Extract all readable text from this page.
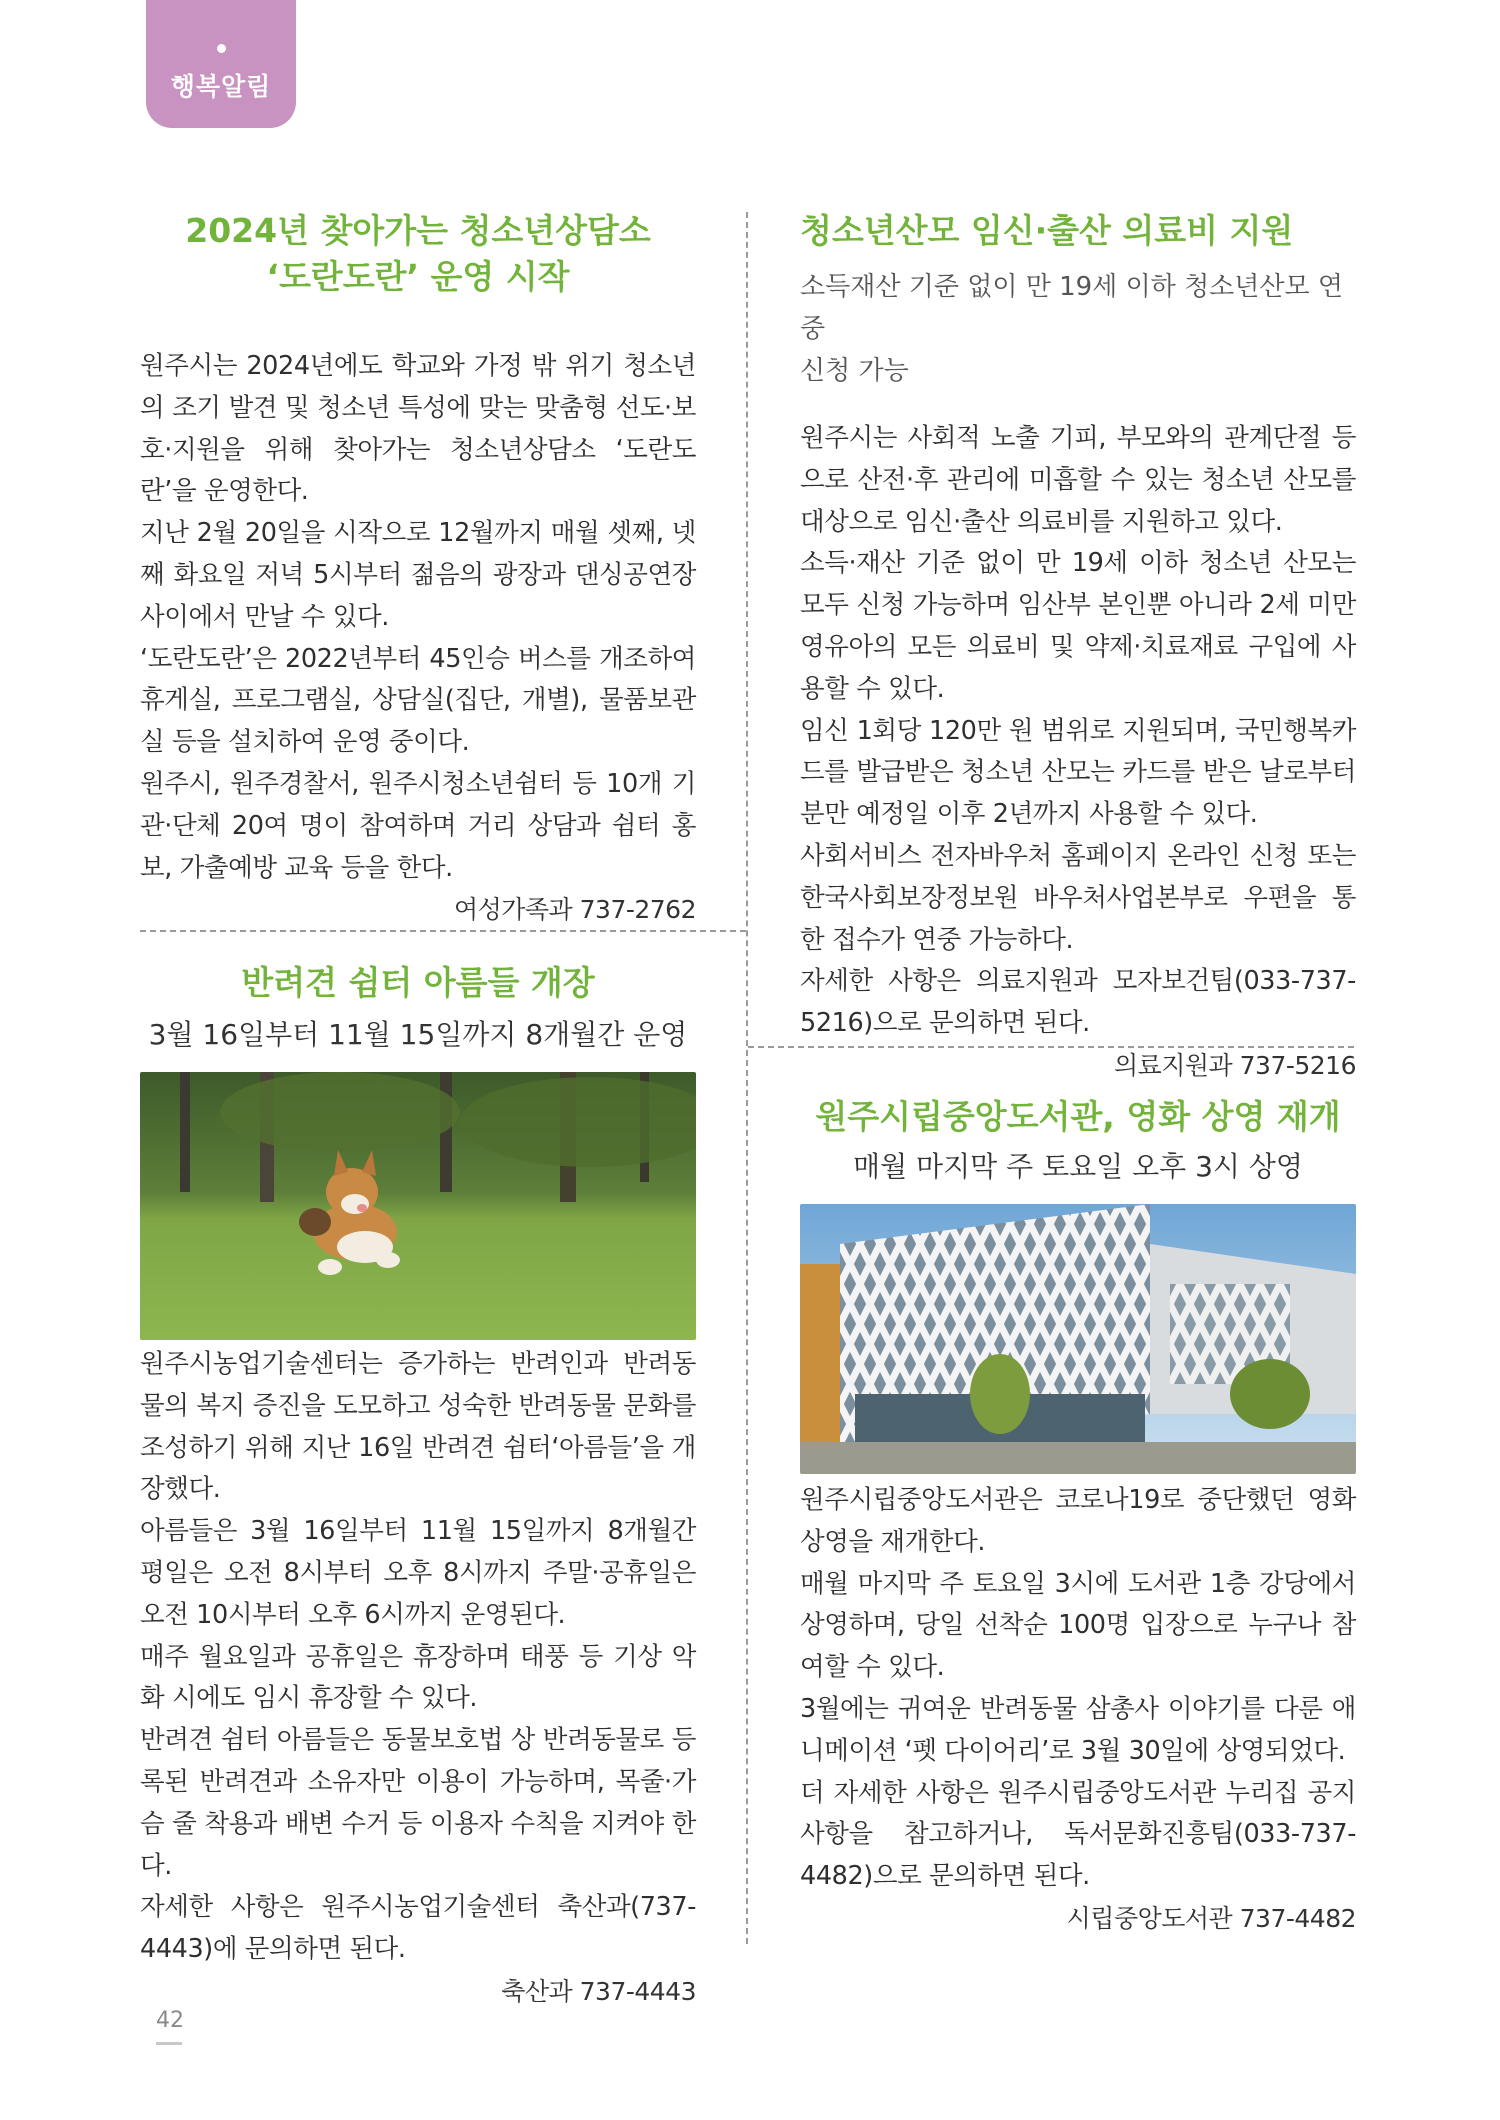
행복알림
2024년 찾아가는 청소년상담소
‘도란도란’ 운영 시작

원주시는 2024년에도 학교와 가정 밖 위기 청소년의 조기 발견 및 청소년 특성에 맞는 맞춤형 선도·보호·지원을 위해 찾아가는 청소년상담소 ‘도란도란’을 운영한다.

지난 2월 20일을 시작으로 12월까지 매월 셋째, 넷째 화요일 저녁 5시부터 젊음의 광장과 댄싱공연장 사이에서 만날 수 있다.

‘도란도란’은 2022년부터 45인승 버스를 개조하여 휴게실, 프로그램실, 상담실(집단, 개별), 물품보관실 등을 설치하여 운영 중이다.

원주시, 원주경찰서, 원주시청소년쉼터 등 10개 기관·단체 20여 명이 참여하며 거리 상담과 쉼터 홍보, 가출예방 교육 등을 한다.

여성가족과 737-2762
반려견 쉼터 아름들 개장
3월 16일부터 11월 15일까지 8개월간 운영

원주시농업기술센터는 증가하는 반려인과 반려동물의 복지 증진을 도모하고 성숙한 반려동물 문화를 조성하기 위해 지난 16일 반려견 쉼터‘아름들’을 개장했다.

아름들은 3월 16일부터 11월 15일까지 8개월간 평일은 오전 8시부터 오후 8시까지 주말·공휴일은 오전 10시부터 오후 6시까지 운영된다.

매주 월요일과 공휴일은 휴장하며 태풍 등 기상 악화 시에도 임시 휴장할 수 있다.

반려견 쉼터 아름들은 동물보호법 상 반려동물로 등록된 반려견과 소유자만 이용이 가능하며, 목줄·가슴 줄 착용과 배변 수거 등 이용자 수칙을 지켜야 한다.

자세한 사항은 원주시농업기술센터 축산과(737-4443)에 문의하면 된다.

축산과 737-4443
청소년산모 임신·출산 의료비 지원
소득재산 기준 없이 만 19세 이하 청소년산모 연중
신청 가능

원주시는 사회적 노출 기피, 부모와의 관계단절 등으로 산전·후 관리에 미흡할 수 있는 청소년 산모를 대상으로 임신·출산 의료비를 지원하고 있다.

소득·재산 기준 없이 만 19세 이하 청소년 산모는 모두 신청 가능하며 임산부 본인뿐 아니라 2세 미만 영유아의 모든 의료비 및 약제·치료재료 구입에 사용할 수 있다.

임신 1회당 120만 원 범위로 지원되며, 국민행복카드를 발급받은 청소년 산모는 카드를 받은 날로부터 분만 예정일 이후 2년까지 사용할 수 있다.

사회서비스 전자바우처 홈페이지 온라인 신청 또는 한국사회보장정보원 바우처사업본부로 우편을 통한 접수가 연중 가능하다.

자세한 사항은 의료지원과 모자보건팀(033-737-5216)으로 문의하면 된다.

의료지원과 737-5216
원주시립중앙도서관, 영화 상영 재개
매월 마지막 주 토요일 오후 3시 상영

원주시립중앙도서관은 코로나19로 중단했던 영화 상영을 재개한다.

매월 마지막 주 토요일 3시에 도서관 1층 강당에서 상영하며, 당일 선착순 100명 입장으로 누구나 참여할 수 있다.

3월에는 귀여운 반려동물 삼총사 이야기를 다룬 애니메이션 ‘펫 다이어리’로 3월 30일에 상영되었다.

더 자세한 사항은 원주시립중앙도서관 누리집 공지사항을 참고하거나, 독서문화진흥팀(033-737-4482)으로 문의하면 된다.

시립중앙도서관 737-4482
42
